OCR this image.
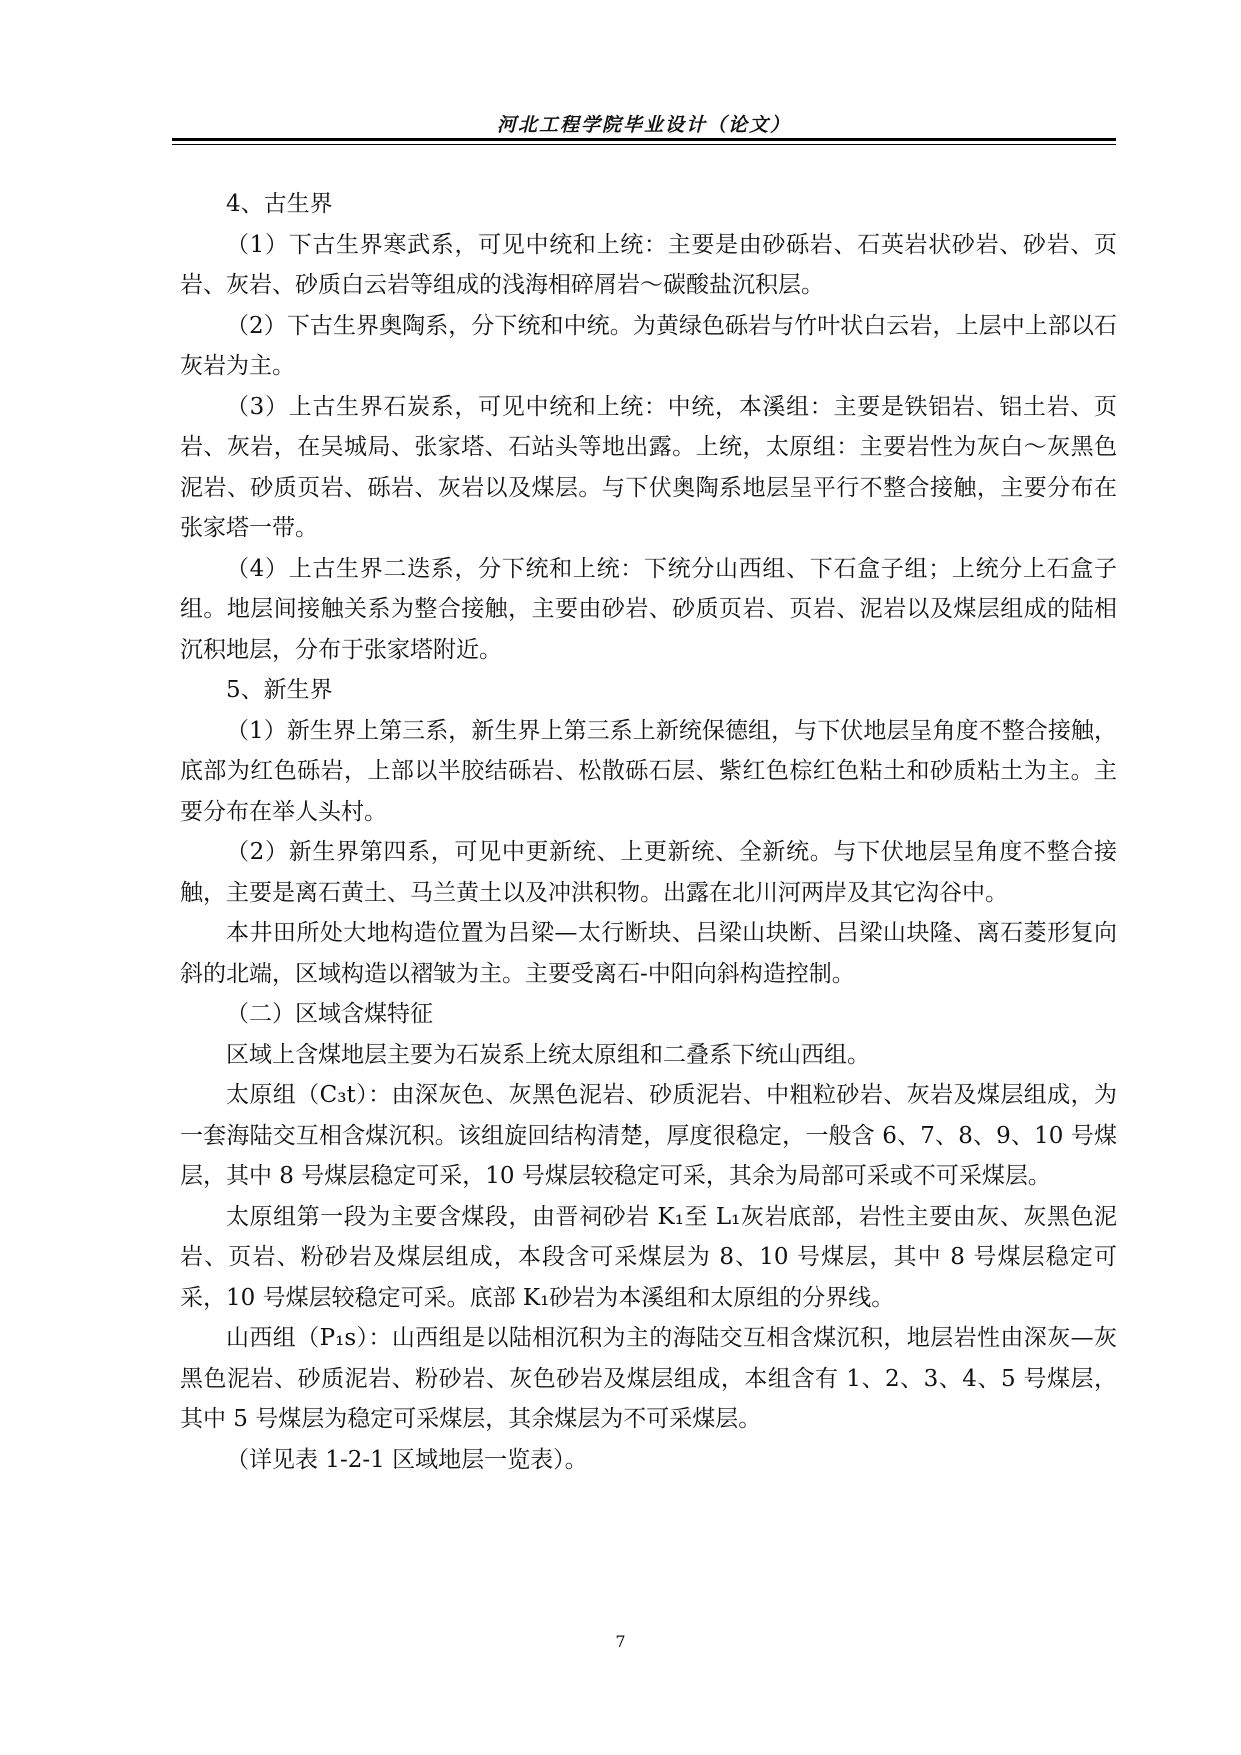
河北工程学院毕业设计（论文）

4、古生界

（1）下古生界寒武系，可见中统和上统：主要是由砂砾岩、石英岩状砂岩、砂岩、页岩、灰岩、砂质白云岩等组成的浅海相碎屑岩～碳酸盐沉积层。

（2）下古生界奥陶系，分下统和中统。为黄绿色砾岩与竹叶状白云岩，上层中上部以石灰岩为主。

（3）上古生界石炭系，可见中统和上统：中统，本溪组：主要是铁铝岩、铝土岩、页岩、灰岩，在吴城局、张家塔、石站头等地出露。上统，太原组：主要岩性为灰白～灰黑色泥岩、砂质页岩、砾岩、灰岩以及煤层。与下伏奥陶系地层呈平行不整合接触，主要分布在张家塔一带。

（4）上古生界二迭系，分下统和上统：下统分山西组、下石盒子组；上统分上石盒子组。地层间接触关系为整合接触，主要由砂岩、砂质页岩、页岩、泥岩以及煤层组成的陆相沉积地层，分布于张家塔附近。

5、新生界

（1）新生界上第三系，新生界上第三系上新统保德组，与下伏地层呈角度不整合接触，底部为红色砾岩，上部以半胶结砾岩、松散砾石层、紫红色棕红色粘土和砂质粘土为主。主要分布在举人头村。

（2）新生界第四系，可见中更新统、上更新统、全新统。与下伏地层呈角度不整合接触，主要是离石黄土、马兰黄土以及冲洪积物。出露在北川河两岸及其它沟谷中。

本井田所处大地构造位置为吕梁—太行断块、吕梁山块断、吕梁山块隆、离石菱形复向斜的北端，区域构造以褶皱为主。主要受离石-中阳向斜构造控制。

（二）区域含煤特征

区域上含煤地层主要为石炭系上统太原组和二叠系下统山西组。

太原组（C₃t）：由深灰色、灰黑色泥岩、砂质泥岩、中粗粒砂岩、灰岩及煤层组成，为一套海陆交互相含煤沉积。该组旋回结构清楚，厚度很稳定，一般含 6、7、8、9、10 号煤层，其中 8 号煤层稳定可采，10 号煤层较稳定可采，其余为局部可采或不可采煤层。

太原组第一段为主要含煤段，由晋祠砂岩 K₁至 L₁灰岩底部，岩性主要由灰、灰黑色泥岩、页岩、粉砂岩及煤层组成，本段含可采煤层为 8、10 号煤层，其中 8 号煤层稳定可采，10 号煤层较稳定可采。底部 K₁砂岩为本溪组和太原组的分界线。

山西组（P₁s）：山西组是以陆相沉积为主的海陆交互相含煤沉积，地层岩性由深灰—灰黑色泥岩、砂质泥岩、粉砂岩、灰色砂岩及煤层组成，本组含有 1、2、3、4、5 号煤层，其中 5 号煤层为稳定可采煤层，其余煤层为不可采煤层。

（详见表 1-2-1 区域地层一览表）。

7
